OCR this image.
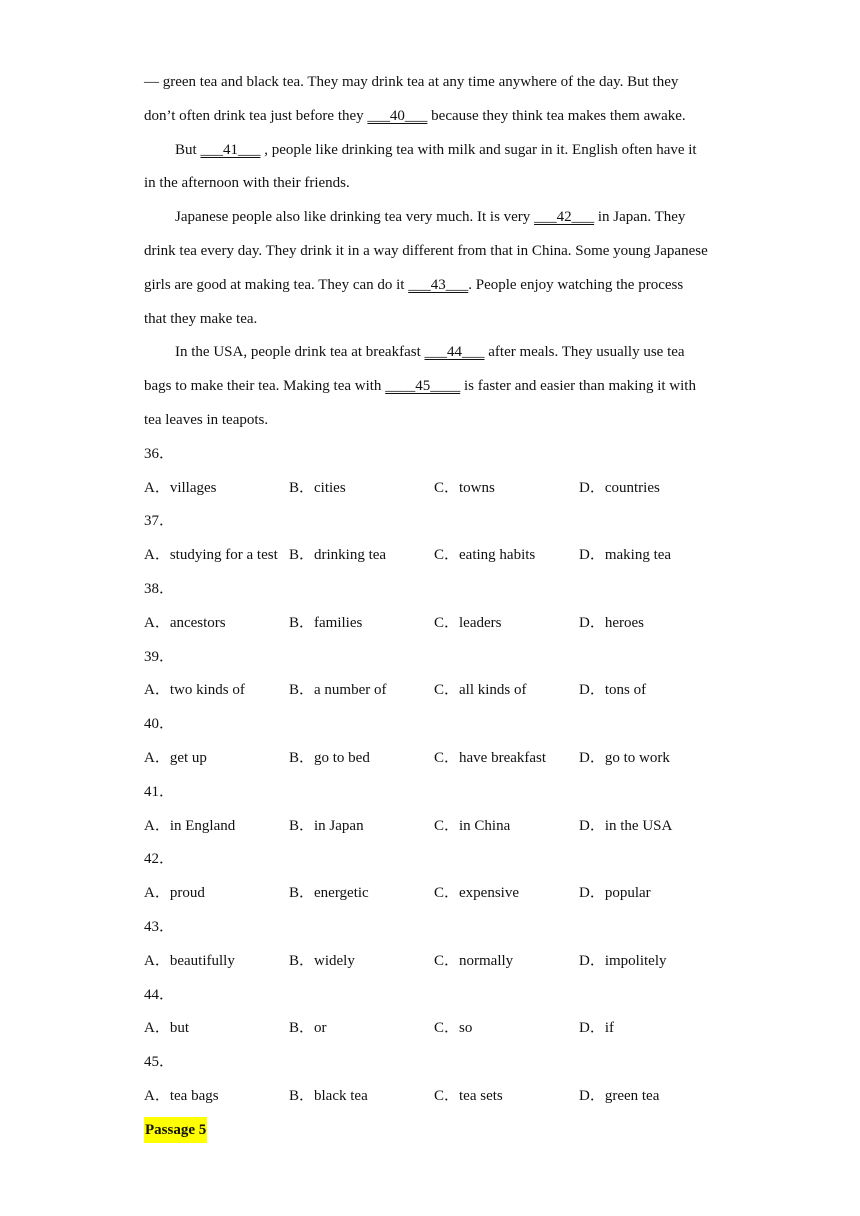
— green tea and black tea. They may drink tea at any time anywhere of the day. But they
don’t often drink tea just before they ___40___ because they think tea makes them awake.
But ___41___ , people like drinking tea with milk and sugar in it. English often have it
in the afternoon with their friends.
Japanese people also like drinking tea very much. It is very ___42___ in Japan. They
drink tea every day. They drink it in a way different from that in China. Some young Japanese
girls are good at making tea. They can do it ___43___. People enjoy watching the process
that they make tea.
In the USA, people drink tea at breakfast ___44___ after meals. They usually use tea
bags to make their tea. Making tea with ____45____ is faster and easier than making it with
tea leaves in teapots.
36．
A．villages	B．cities	C．towns	D．countries
37．
A．studying for a test B．drinking tea	C．eating habits	D．making tea
38．
A．ancestors	B．families	C．leaders	D．heroes
39．
A．two kinds of	B．a number of	C．all kinds of	D．tons of
40．
A．get up	B．go to bed	C．have breakfast	D．go to work
41．
A．in England	B．in Japan	C．in China	D．in the USA
42．
A．proud	B．energetic	C．expensive	D．popular
43．
A．beautifully	B．widely	C．normally	D．impolitely
44．
A．but	B．or	C．so	D．if
45．
A．tea bags	B．black tea	C．tea sets	D．green tea
Passage 5
